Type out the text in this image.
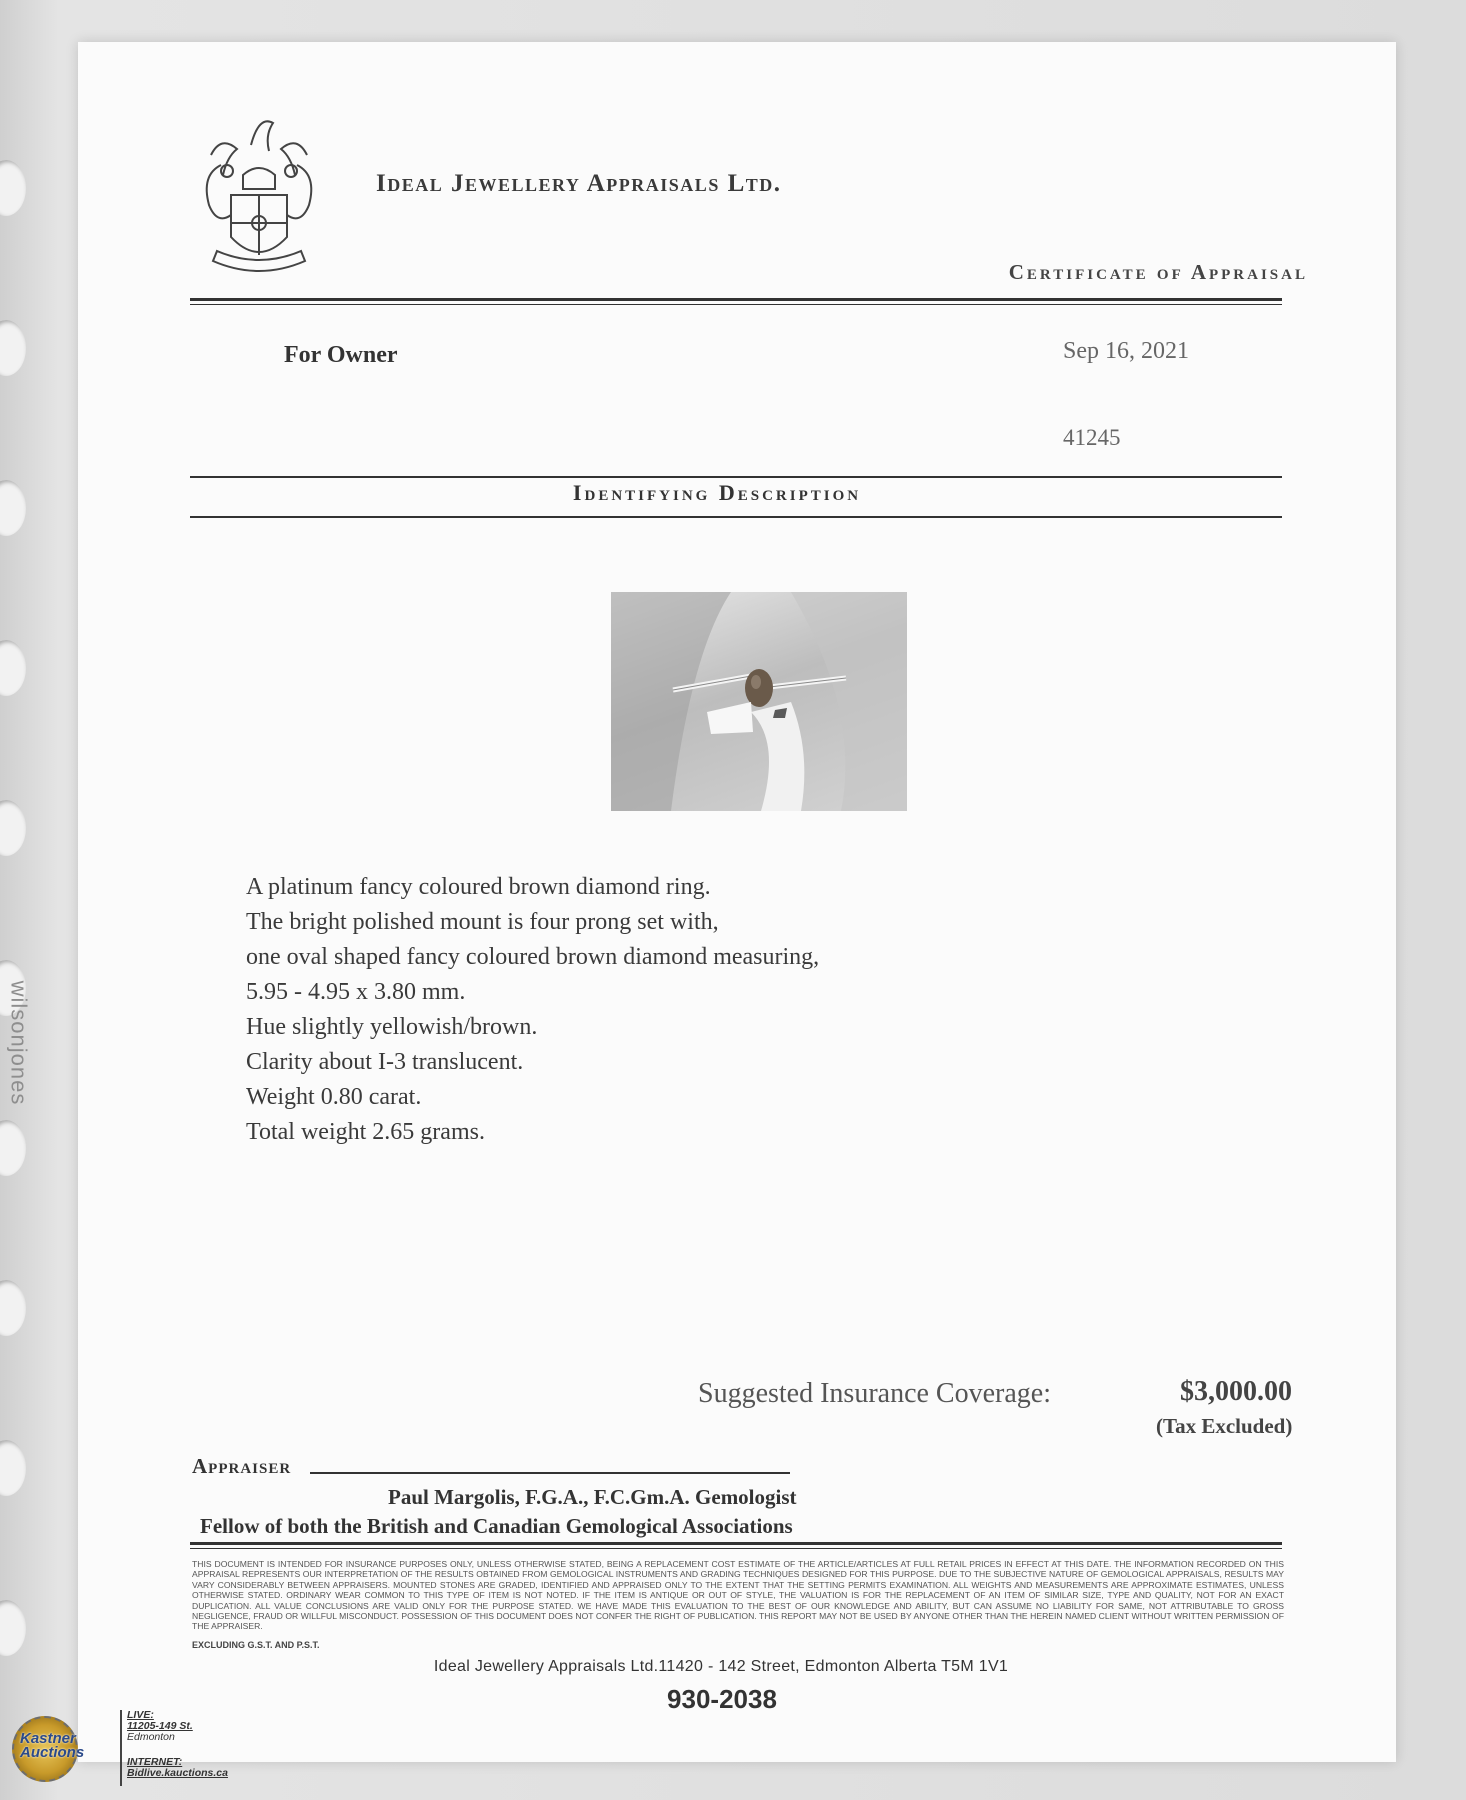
wilsonjones
Ideal Jewellery Appraisals Ltd.
Certificate of Appraisal
For Owner	Sep 16, 2021
41245
Identifying Description
A platinum fancy coloured brown diamond ring.
The bright polished mount is four prong set with,
one oval shaped fancy coloured brown diamond measuring,
5.95 - 4.95 x 3.80 mm.
Hue slightly yellowish/brown.
Clarity about I-3 translucent.
Weight 0.80 carat.
Total weight 2.65 grams.
Suggested Insurance Coverage:	$3,000.00
(Tax Excluded)
Appraiser
Paul Margolis, F.G.A., F.C.Gm.A. Gemologist
Fellow of both the British and Canadian Gemological Associations
THIS DOCUMENT IS INTENDED FOR INSURANCE PURPOSES ONLY, UNLESS OTHERWISE STATED, BEING A REPLACEMENT COST ESTIMATE OF THE ARTICLE/ARTICLES AT FULL RETAIL PRICES IN EFFECT AT THIS DATE. THE INFORMATION RECORDED ON THIS APPRAISAL REPRESENTS OUR INTERPRETATION OF THE RESULTS OBTAINED FROM GEMOLOGICAL INSTRUMENTS AND GRADING TECHNIQUES DESIGNED FOR THIS PURPOSE. DUE TO THE SUBJECTIVE NATURE OF GEMOLOGICAL APPRAISALS, RESULTS MAY VARY CONSIDERABLY BETWEEN APPRAISERS. MOUNTED STONES ARE GRADED, IDENTIFIED AND APPRAISED ONLY TO THE EXTENT THAT THE SETTING PERMITS EXAMINATION. ALL WEIGHTS AND MEASUREMENTS ARE APPROXIMATE ESTIMATES, UNLESS OTHERWISE STATED. ORDINARY WEAR COMMON TO THIS TYPE OF ITEM IS NOT NOTED. IF THE ITEM IS ANTIQUE OR OUT OF STYLE, THE VALUATION IS FOR THE REPLACEMENT OF AN ITEM OF SIMILAR SIZE, TYPE AND QUALITY, NOT FOR AN EXACT DUPLICATION. ALL VALUE CONCLUSIONS ARE VALID ONLY FOR THE PURPOSE STATED. WE HAVE MADE THIS EVALUATION TO THE BEST OF OUR KNOWLEDGE AND ABILITY, BUT CAN ASSUME NO LIABILITY FOR SAME, NOT ATTRIBUTABLE TO GROSS NEGLIGENCE, FRAUD OR WILLFUL MISCONDUCT. POSSESSION OF THIS DOCUMENT DOES NOT CONFER THE RIGHT OF PUBLICATION. THIS REPORT MAY NOT BE USED BY ANYONE OTHER THAN THE HEREIN NAMED CLIENT WITHOUT WRITTEN PERMISSION OF THE APPRAISER.
EXCLUDING G.S.T. AND P.S.T.
Ideal Jewellery Appraisals Ltd.11420 - 142 Street, Edmonton Alberta T5M 1V1
930-2038
Kastner Auctions
LIVE:
11205-149 St.
Edmonton
INTERNET:
Bidlive.kauctions.ca
